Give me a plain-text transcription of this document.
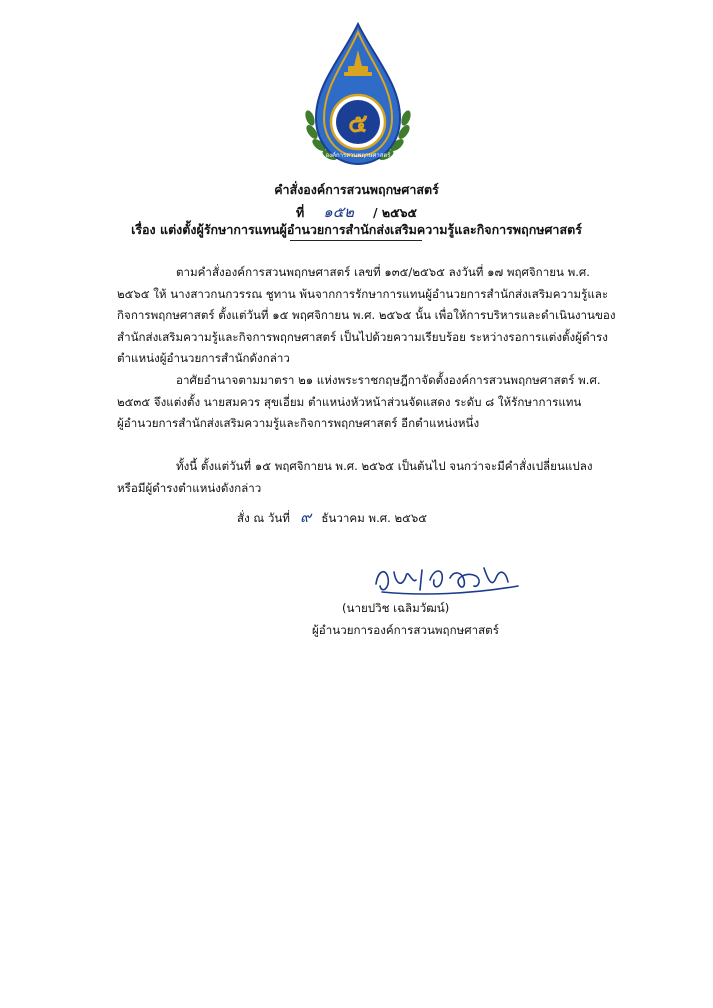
๕
องค์การสวนพฤกษศาสตร์
คำสั่งองค์การสวนพฤกษศาสตร์
ที่ ๑๕๒ / ๒๕๖๕
เรื่อง แต่งตั้งผู้รักษาการแทนผู้อำนวยการสำนักส่งเสริมความรู้และกิจการพฤกษศาสตร์
ตามคำสั่งองค์การสวนพฤกษศาสตร์ เลขที่ ๑๓๕/๒๕๖๕ ลงวันที่ ๑๗ พฤศจิกายน พ.ศ.
๒๕๖๕ ให้ นางสาวกนกวรรณ ชูทาน พ้นจากการรักษาการแทนผู้อำนวยการสำนักส่งเสริมความรู้และ
กิจการพฤกษศาสตร์ ตั้งแต่วันที่ ๑๕ พฤศจิกายน พ.ศ. ๒๕๖๕ นั้น เพื่อให้การบริหารและดำเนินงานของ
สำนักส่งเสริมความรู้และกิจการพฤกษศาสตร์ เป็นไปด้วยความเรียบร้อย ระหว่างรอการแต่งตั้งผู้ดำรง
ตำแหน่งผู้อำนวยการสำนักดังกล่าว
อาศัยอำนาจตามมาตรา ๒๑ แห่งพระราชกฤษฎีกาจัดตั้งองค์การสวนพฤกษศาสตร์ พ.ศ.
๒๕๓๕ จึงแต่งตั้ง นายสมควร สุขเอี่ยม ตำแหน่งหัวหน้าส่วนจัดแสดง ระดับ ๘ ให้รักษาการแทน
ผู้อำนวยการสำนักส่งเสริมความรู้และกิจการพฤกษศาสตร์ อีกตำแหน่งหนึ่ง
ทั้งนี้ ตั้งแต่วันที่ ๑๕ พฤศจิกายน พ.ศ. ๒๕๖๕ เป็นต้นไป จนกว่าจะมีคำสั่งเปลี่ยนแปลง
หรือมีผู้ดำรงตำแหน่งดังกล่าว
สั่ง ณ วันที่ ๙ ธันวาคม พ.ศ. ๒๕๖๕
(นายปวิช เฉลิมวัฒน์)
ผู้อำนวยการองค์การสวนพฤกษศาสตร์
